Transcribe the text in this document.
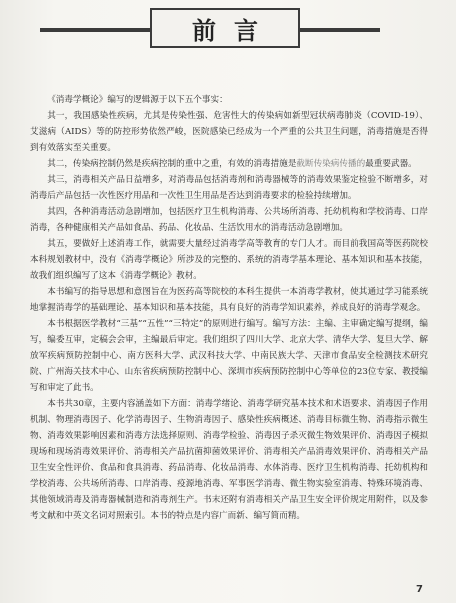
前言

《消毒学概论》编写的逻辑源于以下五个事实：

其一，我国感染性疾病，尤其是传染性强、危害性大的传染病如新型冠状病毒肺炎（COVID-19）、艾滋病（AIDS）等的防控形势依然严峻，医院感染已经成为一个严重的公共卫生问题，消毒措施是否得到有效落实至关重要。

其二，传染病控制仍然是疾病控制的重中之重，有效的消毒措施是截断传染病传播的最重要武器。

其三，消毒相关产品日益增多，对消毒品包括消毒剂和消毒器械等的消毒效果鉴定检验不断增多，对消毒后产品包括一次性医疗用品和一次性卫生用品是否达到消毒要求的检验持续增加。

其四，各种消毒活动急剧增加，包括医疗卫生机构消毒、公共场所消毒、托幼机构和学校消毒、口岸消毒，各种健康相关产品如食品、药品、化妆品、生活饮用水的消毒活动急剧增加。

其五，要做好上述消毒工作，就需要大量经过消毒学高等教育的专门人才。而目前我国高等医药院校本科规划教材中，没有《消毒学概论》所涉及的完整的、系统的消毒学基本理论、基本知识和基本技能，故我们组织编写了这本《消毒学概论》教材。

本书编写的指导思想和意图旨在为医药高等院校的本科生提供一本消毒学教材，使其通过学习能系统地掌握消毒学的基础理论、基本知识和基本技能，具有良好的消毒学知识素养，养成良好的消毒学观念。

本书根据医学教材“三基”“五性”“三特定”的原则进行编写。编写方法：主编、主审确定编写提纲，编写，编委互审，定稿会会审，主编最后审定。我们组织了四川大学、北京大学、清华大学、复旦大学、解放军疾病预防控制中心、南方医科大学、武汉科技大学、中南民族大学、天津市食品安全检测技术研究院、广州海关技术中心、山东省疾病预防控制中心、深圳市疾病预防控制中心等单位的23位专家、教授编写和审定了此书。

本书共30章，主要内容涵盖如下方面：消毒学绪论、消毒学研究基本技术和术语要求、消毒因子作用机制、物理消毒因子、化学消毒因子、生物消毒因子、感染性疾病概述、消毒目标微生物、消毒指示微生物、消毒效果影响因素和消毒方法选择原则、消毒学检验、消毒因子杀灭微生物效果评价、消毒因子模拟现场和现场消毒效果评价、消毒相关产品抗菌抑菌效果评价、消毒相关产品消毒效果评价、消毒相关产品卫生安全性评价、食品和食具消毒、药品消毒、化妆品消毒、水体消毒、医疗卫生机构消毒、托幼机构和学校消毒、公共场所消毒、口岸消毒、疫源地消毒、军事医学消毒、微生物实验室消毒、特殊环境消毒、其他领域消毒及消毒器械制造和消毒剂生产。书末还附有消毒相关产品卫生安全评价规定用附件，以及参考文献和中英文名词对照索引。本书的特点是内容广而新、编写简而精。

7
